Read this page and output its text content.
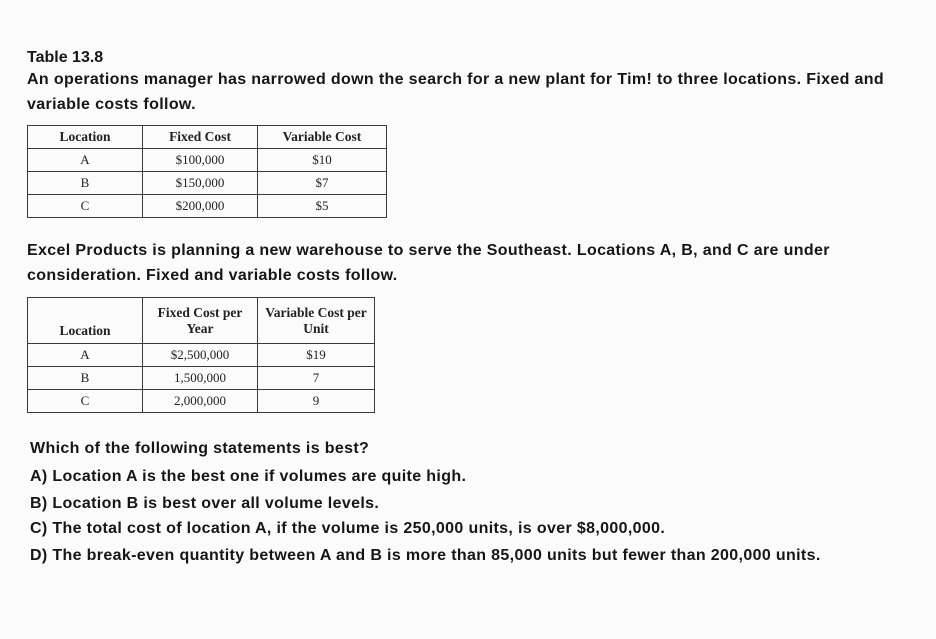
Table 13.8
An operations manager has narrowed down the search for a new plant for Tim! to three locations. Fixed and variable costs follow.
Location	Fixed Cost	Variable Cost
A	$100,000	$10
B	$150,000	$7
C	$200,000	$5
Excel Products is planning a new warehouse to serve the Southeast. Locations A, B, and C are under consideration. Fixed and variable costs follow.
Location	Fixed Cost per Year	Variable Cost per Unit
A	$2,500,000	$19
B	1,500,000	7
C	2,000,000	9
Which of the following statements is best?
A) Location A is the best one if volumes are quite high.
B) Location B is best over all volume levels.
C) The total cost of location A, if the volume is 250,000 units, is over $8,000,000.
D) The break-even quantity between A and B is more than 85,000 units but fewer than 200,000 units.
